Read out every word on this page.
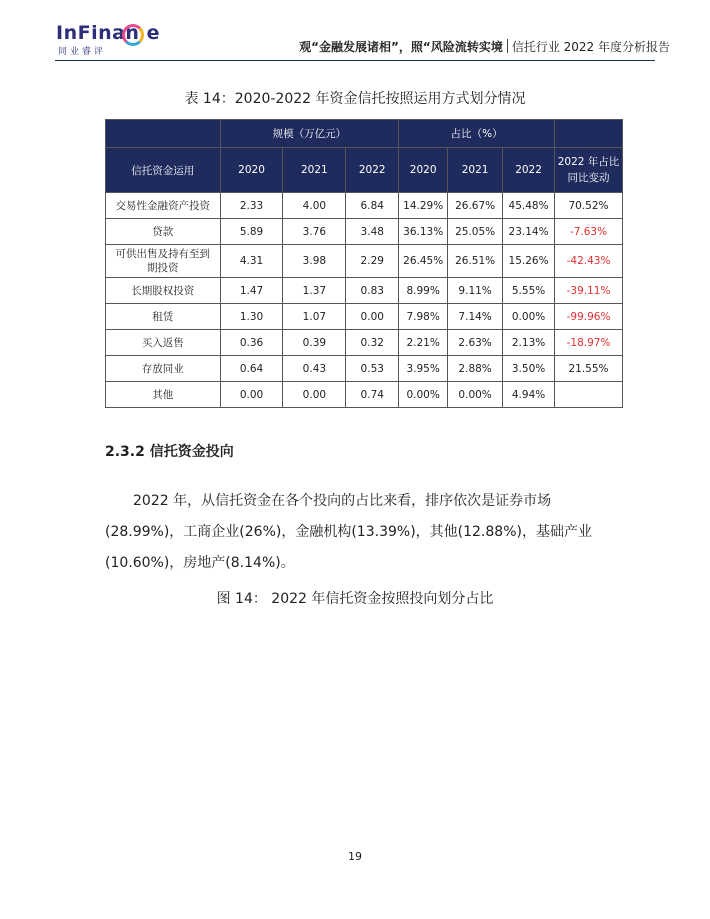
InFinan e
同业睿评	观“金融发展诸相”，照“风险流转实境 信托行业 2022 年度分析报告
表 14：2020-2022 年资金信托按照运用方式划分情况
	规模（万亿元）			占比（%）			
信托资金运用	2020	2021	2022	2020	2021	2022	2022 年占比同比变动
交易性金融资产投资	2.33	4.00	6.84	14.29%	26.67%	45.48%	70.52%
贷款	5.89	3.76	3.48	36.13%	25.05%	23.14%	-7.63%
可供出售及持有至到期投资	4.31	3.98	2.29	26.45%	26.51%	15.26%	-42.43%
长期股权投资	1.47	1.37	0.83	8.99%	9.11%	5.55%	-39.11%
租赁	1.30	1.07	0.00	7.98%	7.14%	0.00%	-99.96%
买入返售	0.36	0.39	0.32	2.21%	2.63%	2.13%	-18.97%
存放同业	0.64	0.43	0.53	3.95%	2.88%	3.50%	21.55%
其他	0.00	0.00	0.74	0.00%	0.00%	4.94%	
2.3.2 信托资金投向
2022 年，从信托资金在各个投向的占比来看，排序依次是证券市场(28.99%)，工商企业(26%)，金融机构(13.39%)，其他(12.88%)，基础产业(10.60%)，房地产(8.14%)。
图 14： 2022 年信托资金按照投向划分占比
19
